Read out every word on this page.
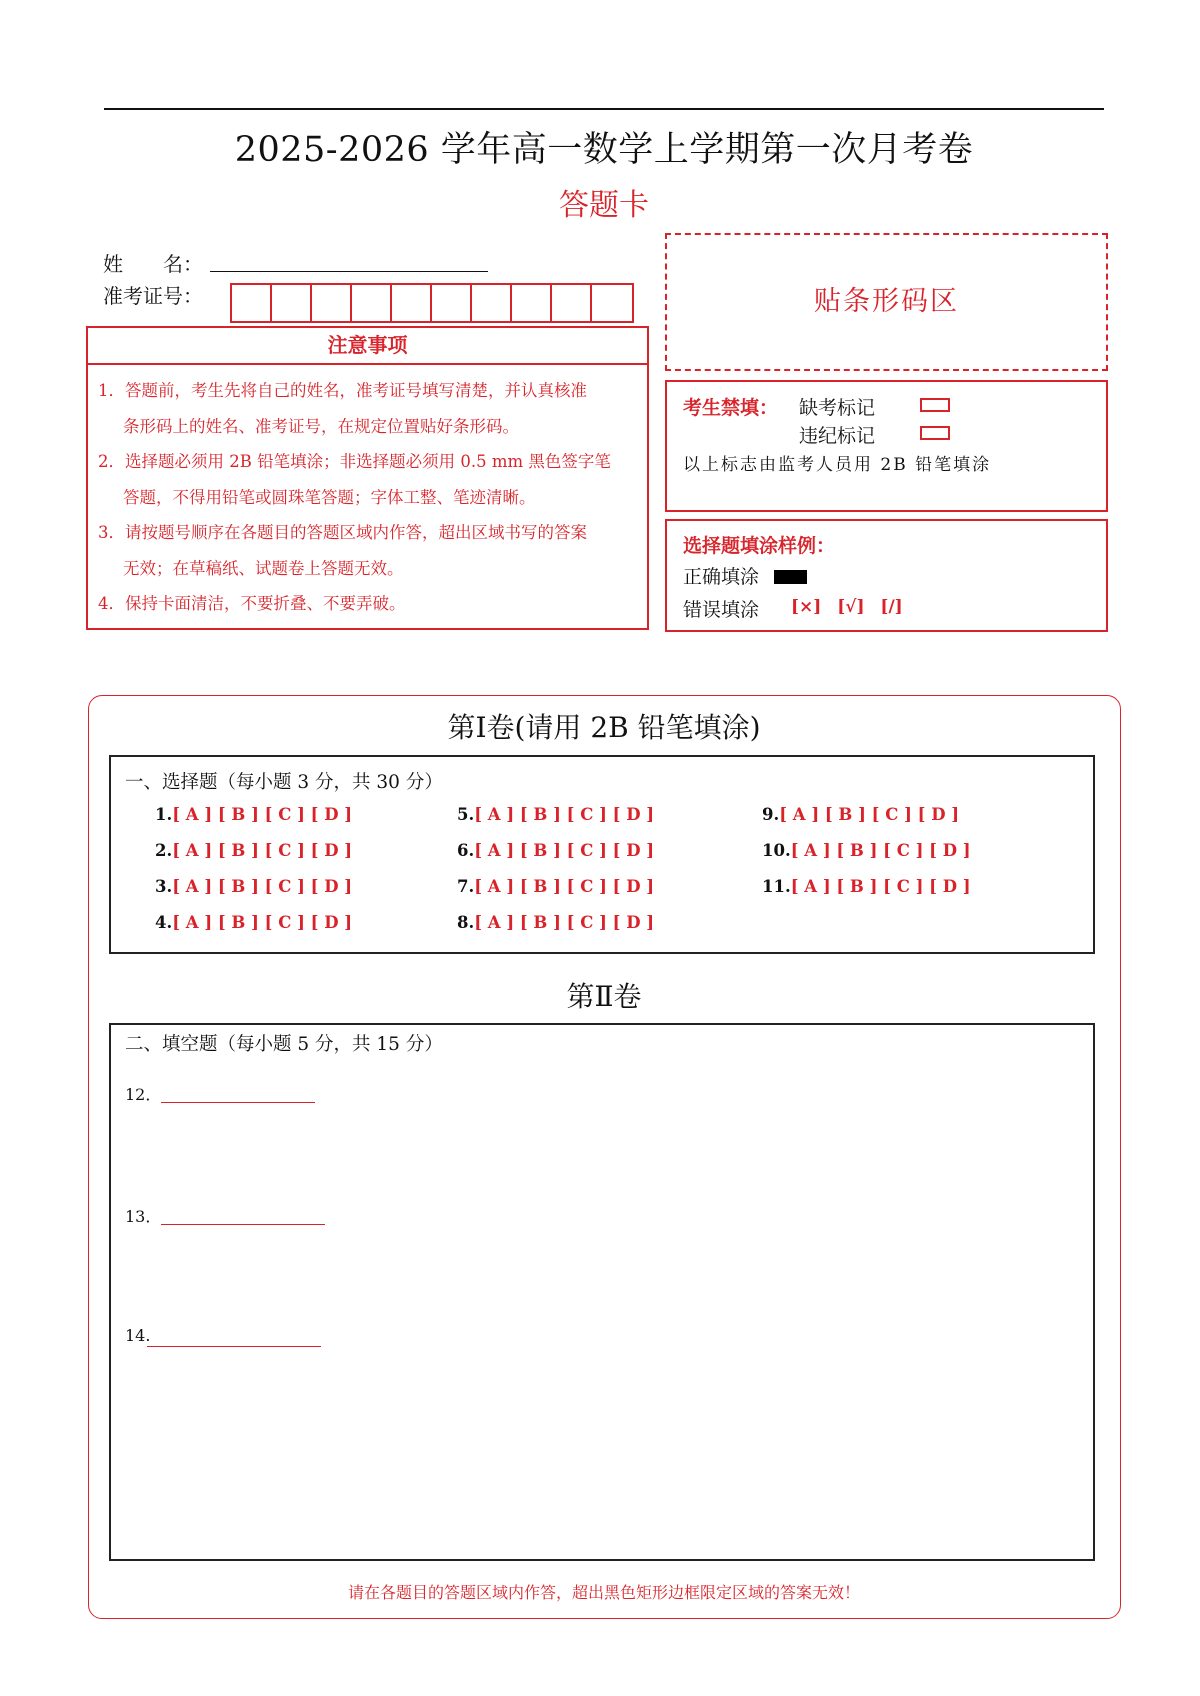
2025-2026 学年高一数学上学期第一次月考卷
答题卡
姓　　名：
准考证号：
注意事项
1．答题前，考生先将自己的姓名，准考证号填写清楚，并认真核准
条形码上的姓名、准考证号，在规定位置贴好条形码。
2．选择题必须用 2B 铅笔填涂；非选择题必须用 0.5 mm 黑色签字笔
答题，不得用铅笔或圆珠笔答题；字体工整、笔迹清晰。
3．请按题号顺序在各题目的答题区域内作答，超出区域书写的答案
无效；在草稿纸、试题卷上答题无效。
4．保持卡面清洁，不要折叠、不要弄破。
贴条形码区
考生禁填： 缺考标记
违纪标记
以上标志由监考人员用 2B 铅笔填涂
选择题填涂样例：
正确填涂
错误填涂 [×] [√] [/]
第Ⅰ卷(请用 2B 铅笔填涂)
一、选择题（每小题 3 分，共 30 分）
1.[ A ] [ B ] [ C ] [ D ]
2.[ A ] [ B ] [ C ] [ D ]
3.[ A ] [ B ] [ C ] [ D ]
4.[ A ] [ B ] [ C ] [ D ]
5.[ A ] [ B ] [ C ] [ D ]
6.[ A ] [ B ] [ C ] [ D ]
7.[ A ] [ B ] [ C ] [ D ]
8.[ A ] [ B ] [ C ] [ D ]
9.[ A ] [ B ] [ C ] [ D ]
10.[ A ] [ B ] [ C ] [ D ]
11.[ A ] [ B ] [ C ] [ D ]
第Ⅱ卷
二、填空题（每小题 5 分，共 15 分）
12．
13．
14.
请在各题目的答题区域内作答，超出黑色矩形边框限定区域的答案无效！
